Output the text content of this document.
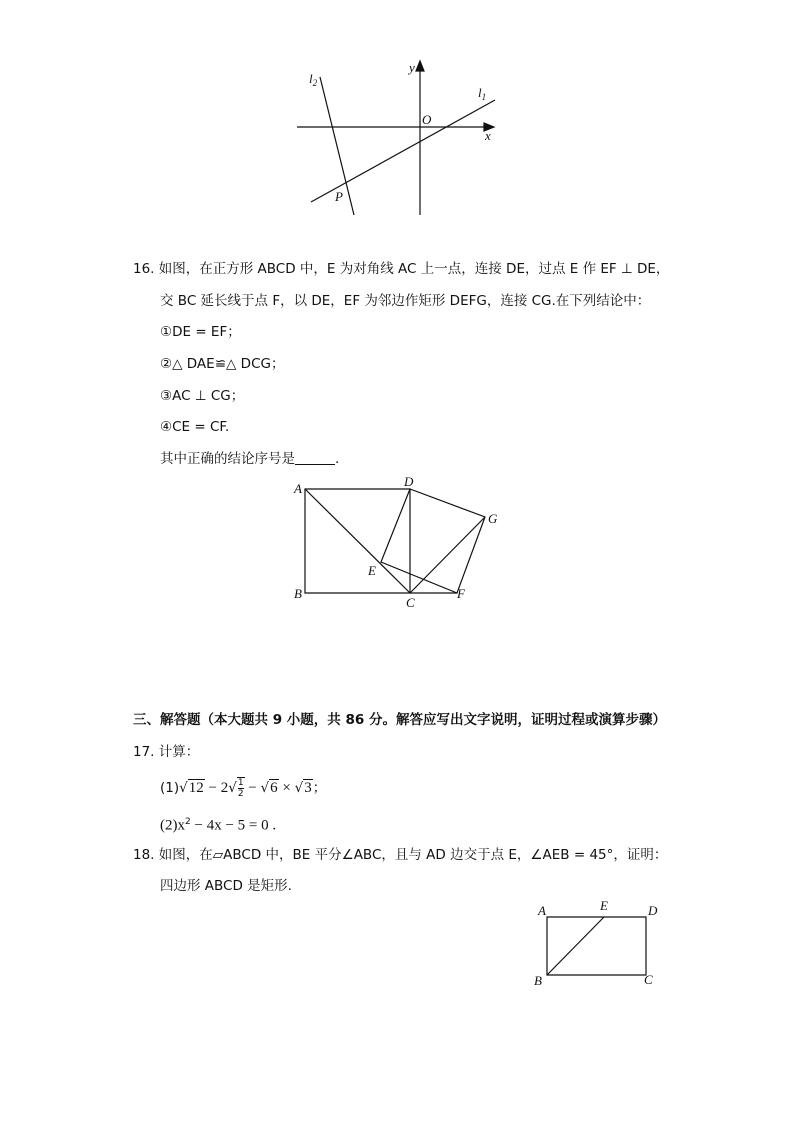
$l_2$
$l_1$
y
x
O
P
16. 如图，在正方形 ABCD 中，E 为对角线 AC 上一点，连接 DE，过点 E 作 EF ⊥ DE，
交 BC 延长线于点 F，以 DE，EF 为邻边作矩形 DEFG，连接 CG.在下列结论中：
①DE = EF；
②△ DAE≌△ DCG；
③AC ⊥ CG；
④CE = CF.
其中正确的结论序号是	.
A
B
C
D
E
F
G
三、解答题（本大题共 9 小题，共 86 分。解答应写出文字说明，证明过程或演算步骤）
17. 计算：
$(1)√12 - 2√ \frac{1}{2} - √6 \times √3$；
$(2)x^2 - 4x - 5 = 0$ .
18. 如图，在▱ABCD 中，BE 平分∠ABC，且与 AD 边交于点 E，∠AEB = 45°，证明：
四边形 ABCD 是矩形.
A	E	D
B	C
